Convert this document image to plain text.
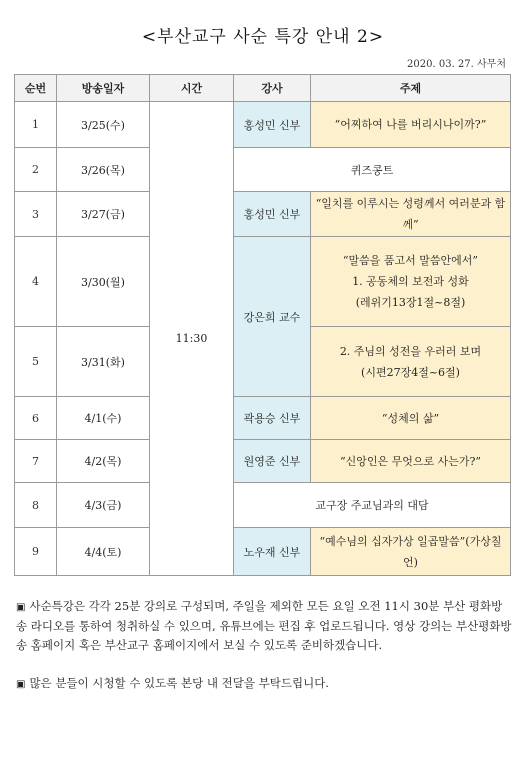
<부산교구 사순 특강 안내 2>
2020. 03. 27. 사무처
순번	방송일자	시간	강사	주제
1	3/25(수)	11:30	홍성민 신부	“어찌하여 나를 버리시나이까?”
2	3/26(목)		퀴즈콩트	
3	3/27(금)		홍성민 신부	“일치를 이루시는 성령께서 여러분과 함께”
4	3/30(월)		강은희 교수	“말씀을 품고서 말씀안에서”
1. 공동체의 보전과 성화
(레위기13장1절~8절)

5	3/31(화)			2. 주님의 성전을 우러러 보며
(시편27장4절~6절)

6	4/1(수)		곽용승 신부	“성체의 삶”
7	4/2(목)		원영준 신부	“신앙인은 무엇으로 사는가?”
8	4/3(금)		교구장 주교님과의 대담	
9	4/4(토)		노우재 신부	“예수님의 십자가상 일곱말씀”(가상칠언)

▣ 사순특강은 각각 25분 강의로 구성되며, 주일을 제외한 모든 요일 오전 11시 30분 부산 평화방송 라디오를 통하여 청취하실 수 있으며, 유튜브에는 편집 후 업로드됩니다. 영상 강의는 부산평화방송 홈페이지 혹은 부산교구 홈페이지에서 보실 수 있도록 준비하겠습니다.

▣ 많은 분들이 시청할 수 있도록 본당 내 전달을 부탁드립니다.
